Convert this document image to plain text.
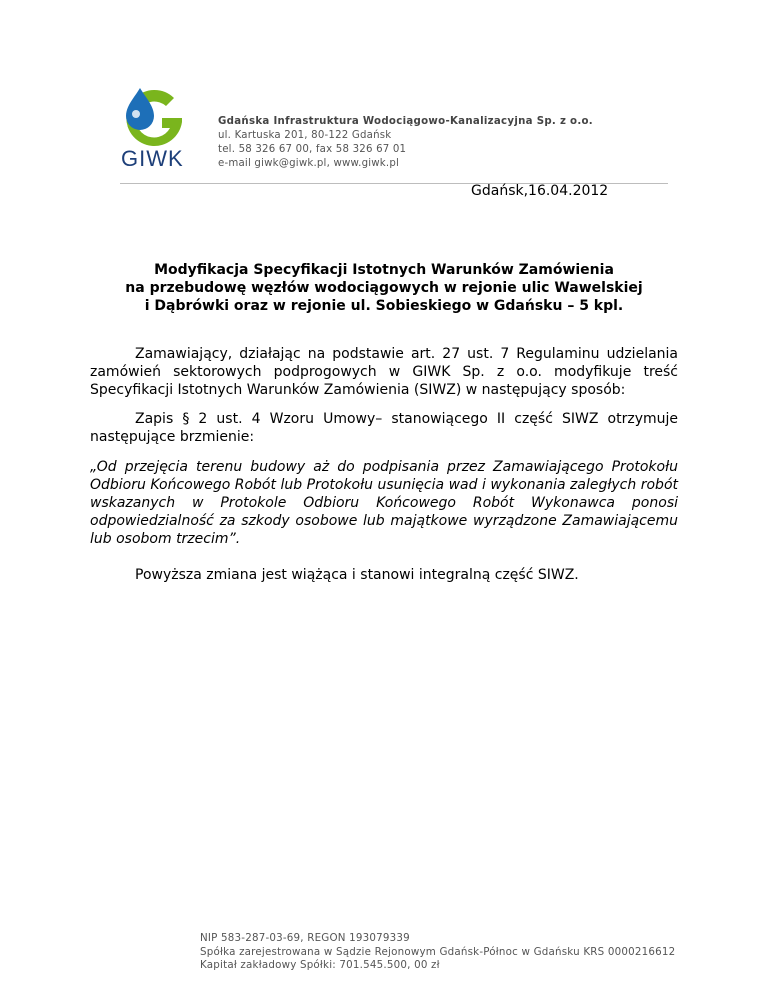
GIWK
Gdańska Infrastruktura Wodociągowo-Kanalizacyjna Sp. z o.o.
ul. Kartuska 201, 80-122 Gdańsk
tel. 58 326 67 00, fax 58 326 67 01
e-mail giwk@giwk.pl, www.giwk.pl
Gdańsk,16.04.2012
Modyfikacja Specyfikacji Istotnych Warunków Zamówienia
na przebudowę węzłów wodociągowych w rejonie ulic Wawelskiej
i Dąbrówki oraz w rejonie ul. Sobieskiego w Gdańsku – 5 kpl.
Zamawiający, działając na podstawie art. 27 ust. 7 Regulaminu udzielania zamówień sektorowych podprogowych w GIWK Sp. z o.o. modyfikuje treść Specyfikacji Istotnych Warunków Zamówienia (SIWZ) w następujący sposób:
Zapis § 2 ust. 4 Wzoru Umowy– stanowiącego II część SIWZ otrzymuje następujące brzmienie:
„Od przejęcia terenu budowy aż do podpisania przez Zamawiającego Protokołu Odbioru Końcowego Robót lub Protokołu usunięcia wad i wykonania zaległych robót wskazanych w Protokole Odbioru Końcowego Robót Wykonawca ponosi odpowiedzialność za szkody osobowe lub majątkowe wyrządzone Zamawiającemu lub osobom trzecim”.
Powyższa zmiana jest wiążąca i stanowi integralną część SIWZ.
NIP 583-287-03-69, REGON 193079339
Spółka zarejestrowana w Sądzie Rejonowym Gdańsk-Północ w Gdańsku KRS 0000216612
Kapitał zakładowy Spółki: 701.545.500, 00 zł
